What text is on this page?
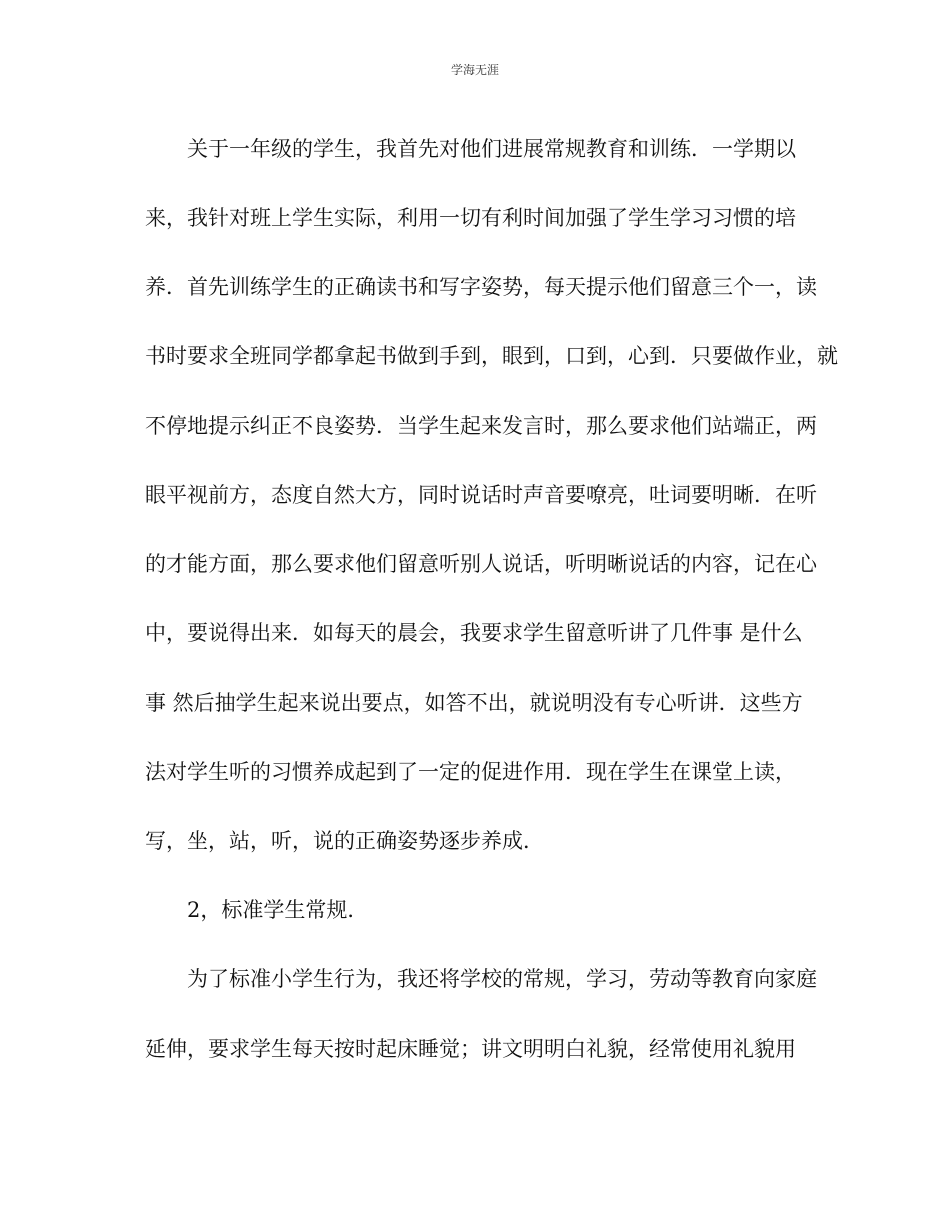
学海无涯
　　关于一年级的学生，我首先对他们进展常规教育和训练．一学期以
来，我针对班上学生实际，利用一切有利时间加强了学生学习习惯的培
养．首先训练学生的正确读书和写字姿势，每天提示他们留意三个一，读
书时要求全班同学都拿起书做到手到，眼到，口到，心到．只要做作业，就
不停地提示纠正不良姿势．当学生起来发言时，那么要求他们站端正，两
眼平视前方，态度自然大方，同时说话时声音要嘹亮，吐词要明晰．在听
的才能方面，那么要求他们留意听别人说话，听明晰说话的内容，记在心
中，要说得出来．如每天的晨会，我要求学生留意听讲了几件事 是什么
事 然后抽学生起来说出要点，如答不出，就说明没有专心听讲．这些方
法对学生听的习惯养成起到了一定的促进作用．现在学生在课堂上读，
写，坐，站，听，说的正确姿势逐步养成．
　　2，标准学生常规．
　　为了标准小学生行为，我还将学校的常规，学习，劳动等教育向家庭
延伸，要求学生每天按时起床睡觉；讲文明明白礼貌，经常使用礼貌用
